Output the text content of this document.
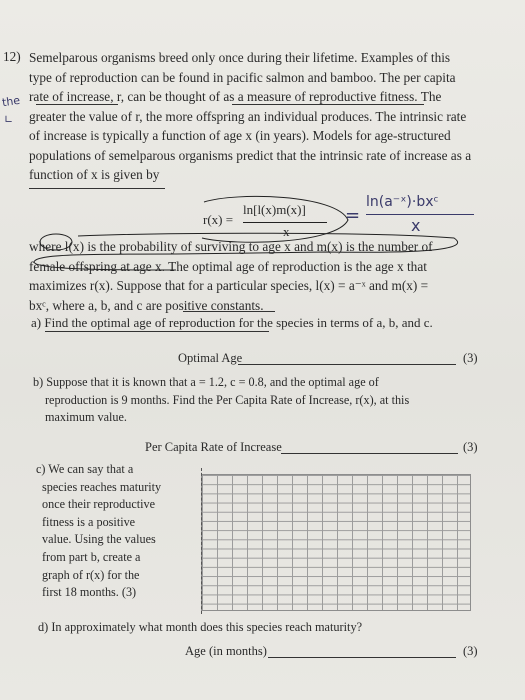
the
∟
12) Semelparous organisms breed only once during their lifetime. Examples of this
type of reproduction can be found in pacific salmon and bamboo. The per capita
rate of increase, r, can be thought of as a measure of reproductive fitness. The
greater the value of r, the more offspring an individual produces. The intrinsic rate
of increase is typically a function of age x (in years). Models for age-structured
populations of semelparous organisms predict that the intrinsic rate of increase as a
function of x is given by
r(x) =
ln[l(x)m(x)]
x
=
ln(a⁻ˣ)·bxᶜ
x
where l(x) is the probability of surviving to age x and m(x) is the number of
female offspring at age x. The optimal age of reproduction is the age x that
maximizes r(x). Suppose that for a particular species, l(x) = a⁻ˣ and m(x) =
bxᶜ, where a, b, and c are positive constants.
a) Find the optimal age of reproduction for the species in terms of a, b, and c.
Optimal Age	(3)
b) Suppose that it is known that a = 1.2, c = 0.8, and the optimal age of
reproduction is 9 months. Find the Per Capita Rate of Increase, r(x), at this
maximum value.
Per Capita Rate of Increase	(3)
c) We can say that a
species reaches maturity
once their reproductive
fitness is a positive
value. Using the values
from part b, create a
graph of r(x) for the
first 18 months. (3)
d) In approximately what month does this species reach maturity?
Age (in months)	(3)
